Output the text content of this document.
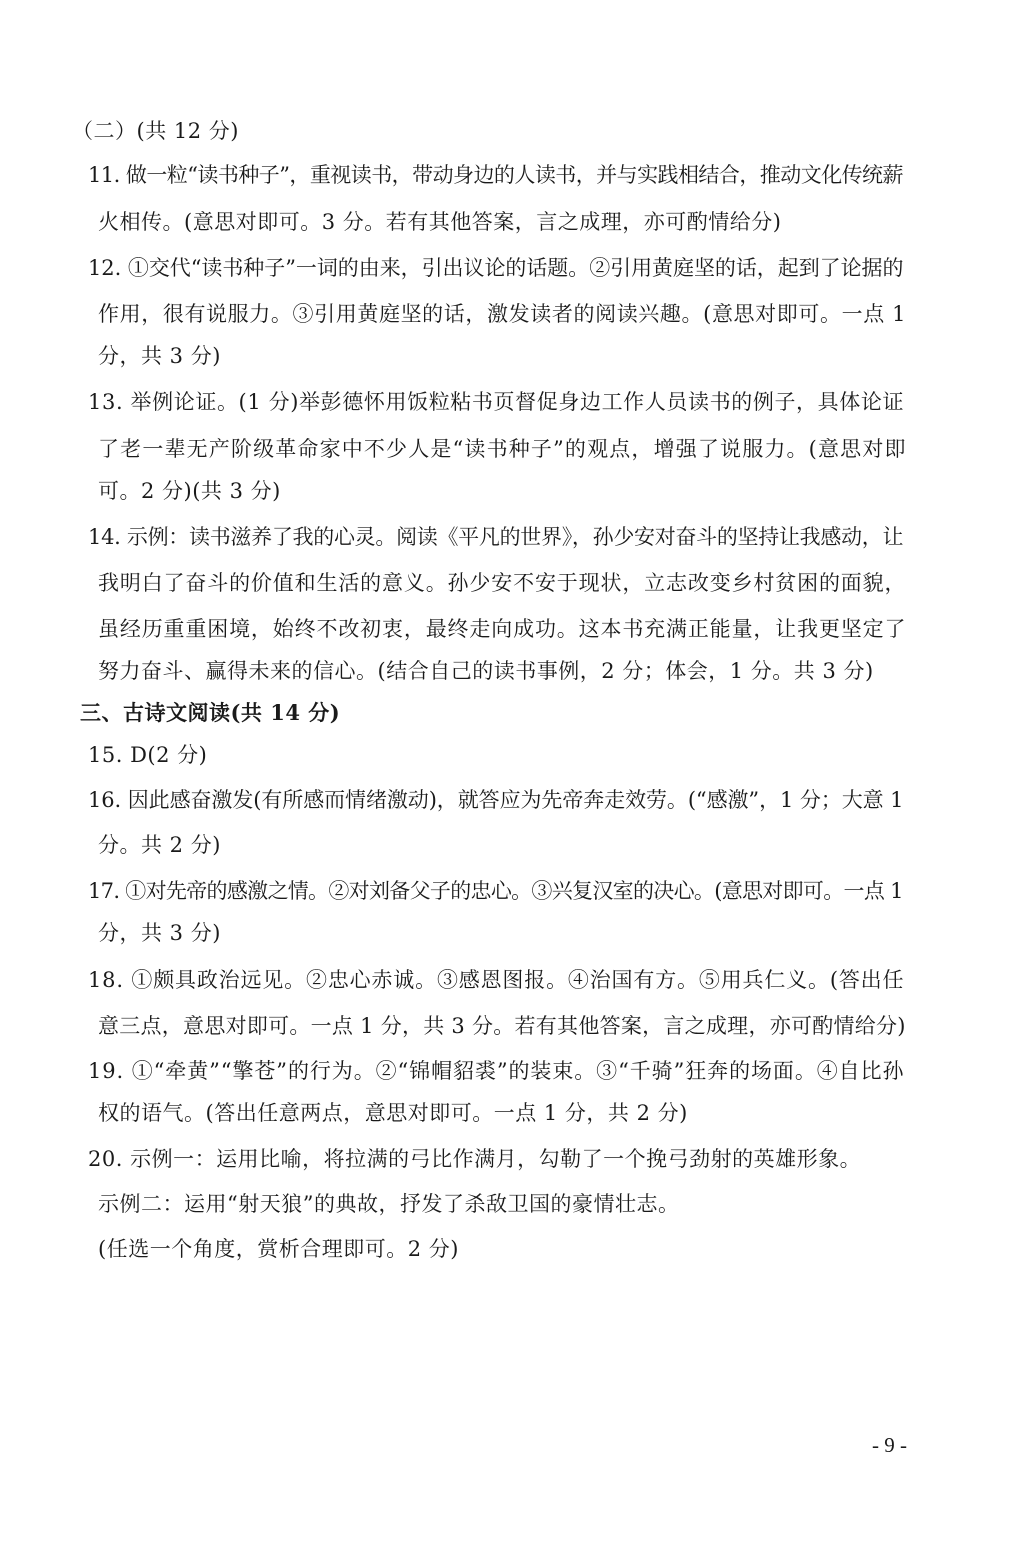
（二）(共 12 分)
11. 做一粒“读书种子”，重视读书，带动身边的人读书，并与实践相结合，推动文化传统薪
火相传。(意思对即可。3 分。若有其他答案，言之成理，亦可酌情给分)
12. ①交代“读书种子”一词的由来，引出议论的话题。②引用黄庭坚的话，起到了论据的
作用，很有说服力。③引用黄庭坚的话，激发读者的阅读兴趣。(意思对即可。一点 1
分，共 3 分)
13. 举例论证。(1 分)举彭德怀用饭粒粘书页督促身边工作人员读书的例子，具体论证
了老一辈无产阶级革命家中不少人是“读书种子”的观点，增强了说服力。(意思对即
可。2 分)(共 3 分)
14. 示例：读书滋养了我的心灵。阅读《平凡的世界》，孙少安对奋斗的坚持让我感动，让
我明白了奋斗的价值和生活的意义。孙少安不安于现状，立志改变乡村贫困的面貌，
虽经历重重困境，始终不改初衷，最终走向成功。这本书充满正能量，让我更坚定了
努力奋斗、赢得未来的信心。(结合自己的读书事例，2 分；体会，1 分。共 3 分)
三、古诗文阅读(共 14 分)
15. D(2 分)
16. 因此感奋激发(有所感而情绪激动)，就答应为先帝奔走效劳。(“感激”，1 分；大意 1
分。共 2 分)
17. ①对先帝的感激之情。②对刘备父子的忠心。③兴复汉室的决心。(意思对即可。一点 1
分，共 3 分)
18. ①颇具政治远见。②忠心赤诚。③感恩图报。④治国有方。⑤用兵仁义。(答出任
意三点，意思对即可。一点 1 分，共 3 分。若有其他答案，言之成理，亦可酌情给分)
19. ①“牵黄”“擎苍”的行为。②“锦帽貂裘”的装束。③“千骑”狂奔的场面。④自比孙
权的语气。(答出任意两点，意思对即可。一点 1 分，共 2 分)
20. 示例一：运用比喻，将拉满的弓比作满月，勾勒了一个挽弓劲射的英雄形象。
示例二：运用“射天狼”的典故，抒发了杀敌卫国的豪情壮志。
(任选一个角度，赏析合理即可。2 分)
- 9 -
